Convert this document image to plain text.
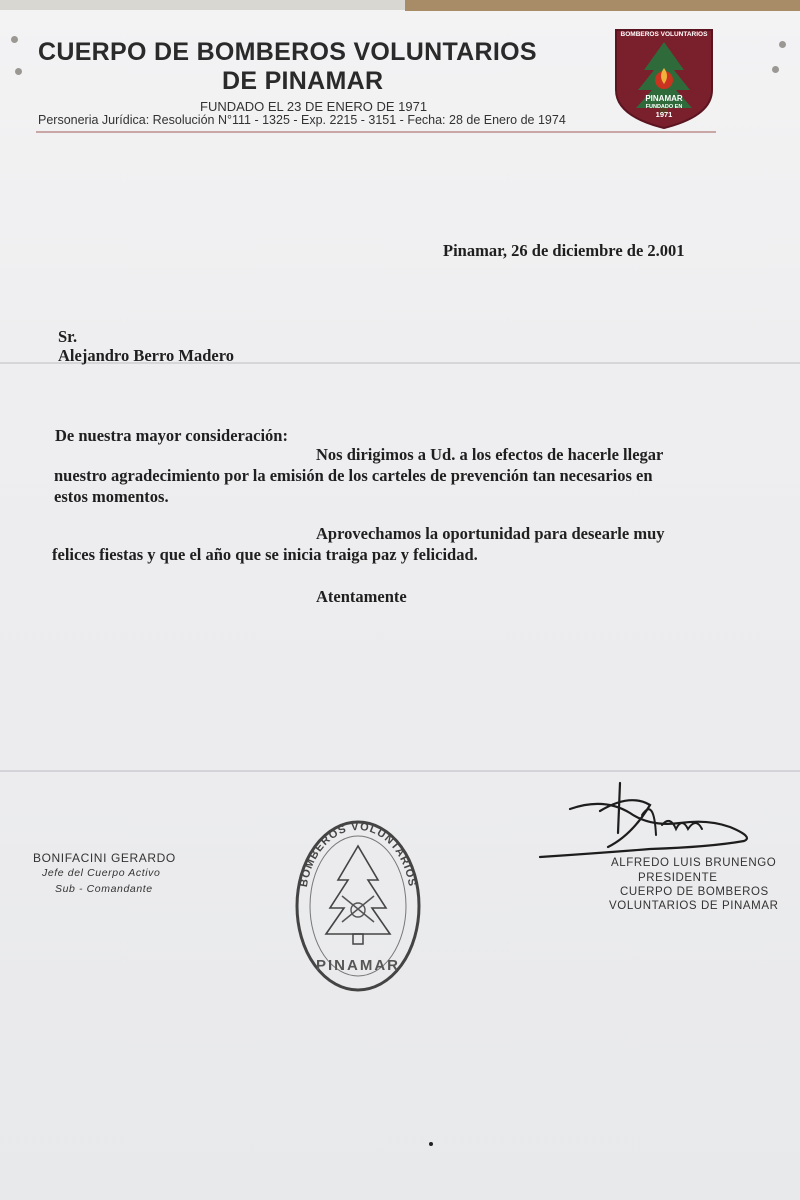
CUERPO DE BOMBEROS VOLUNTARIOS
DE PINAMAR
FUNDADO EL 23 DE ENERO DE 1971
Personeria Jurídica: Resolución N°111 - 1325 - Exp. 2215 - 3151 - Fecha: 28 de Enero de 1974
BOMBEROS VOLUNTARIOS
PINAMAR
FUNDADO EN
1971
Pinamar, 26 de diciembre de 2.001
Sr.
Alejandro Berro Madero
De nuestra mayor consideración:
Nos dirigimos a Ud. a los efectos de hacerle llegar
nuestro agradecimiento por la emisión de los carteles de prevención tan necesarios en
estos momentos.
Aprovechamos la oportunidad para desearle muy
felices fiestas y que el año que se inicia traiga paz y felicidad.
Atentamente
BONIFACINI GERARDO
Jefe del Cuerpo Activo
Sub - Comandante
BOMBEROS VOLUNTARIOS
PINAMAR
ALFREDO LUIS BRUNENGO
PRESIDENTE
CUERPO DE BOMBEROS
VOLUNTARIOS DE PINAMAR
